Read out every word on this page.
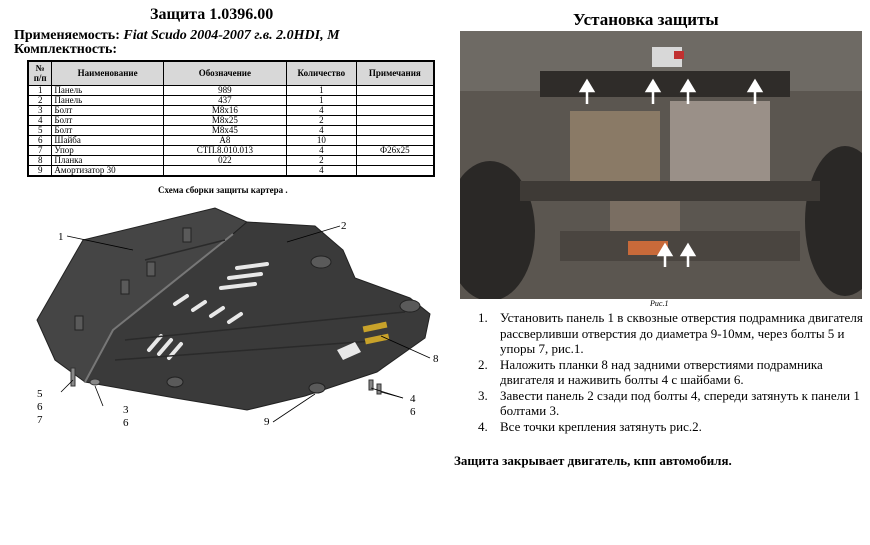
Защита 1.0396.00
Применяемость: Fiat Scudo 2004-2007 г.в. 2.0HDI, M
Комплектность:
№ п/п	Наименование	Обозначение	Количество	Примечания
1	Панель	989	1	
2	Панель	437	1	
3	Болт	M8x16	4	
4	Болт	M8x25	2	
5	Болт	M8x45	4	
6	Шайба	A8	10	
7	Упор	СТП.8.010.013	4	Ф26x25
8	Планка	022	2	
9	Амортизатор 30		4	
Схема сборки защиты картера .
1
2
3
6
5
6
7
4
6
8
9
Установка защиты
Рис.1
1. Установить панель 1 в сквозные отверстия подрамника двигателя рассверливши отверстия до диаметра 9-10мм, через болты 5 и упоры 7, рис.1.
2. Наложить планки 8 над задними отверстиями подрамника двигателя и наживить болты 4 с шайбами 6.
3. Завести панель 2 сзади под болты 4, спереди затянуть к панели 1 болтами 3.
4. Все точки крепления затянуть рис.2.
Защита закрывает двигатель, кпп автомобиля.
